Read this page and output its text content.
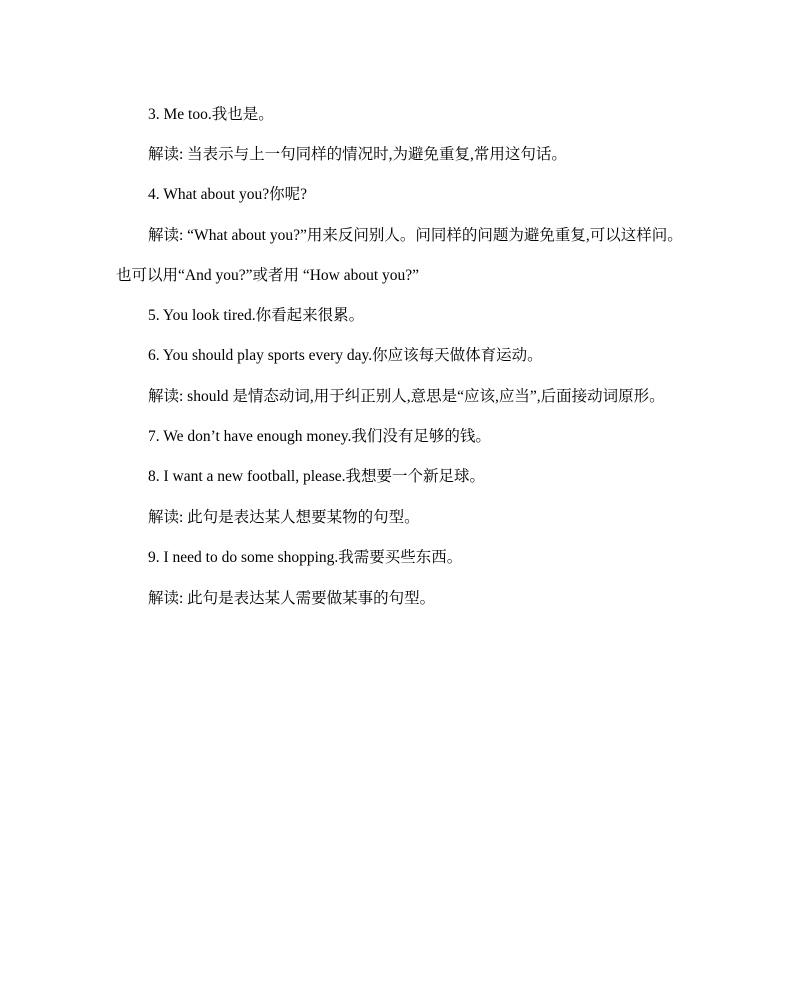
3. Me too.我也是。
解读: 当表示与上一句同样的情况时,为避免重复,常用这句话。
4. What about you?你呢?
解读: “What about you?”用来反问别人。问同样的问题为避免重复,可以这样问。
也可以用“And you?”或者用 “How about you?”
5. You look tired.你看起来很累。
6. You should play sports every day.你应该每天做体育运动。
解读: should 是情态动词,用于纠正别人,意思是“应该,应当”,后面接动词原形。
7. We don’t have enough money.我们没有足够的钱。
8. I want a new football, please.我想要一个新足球。
解读: 此句是表达某人想要某物的句型。
9. I need to do some shopping.我需要买些东西。
解读: 此句是表达某人需要做某事的句型。
